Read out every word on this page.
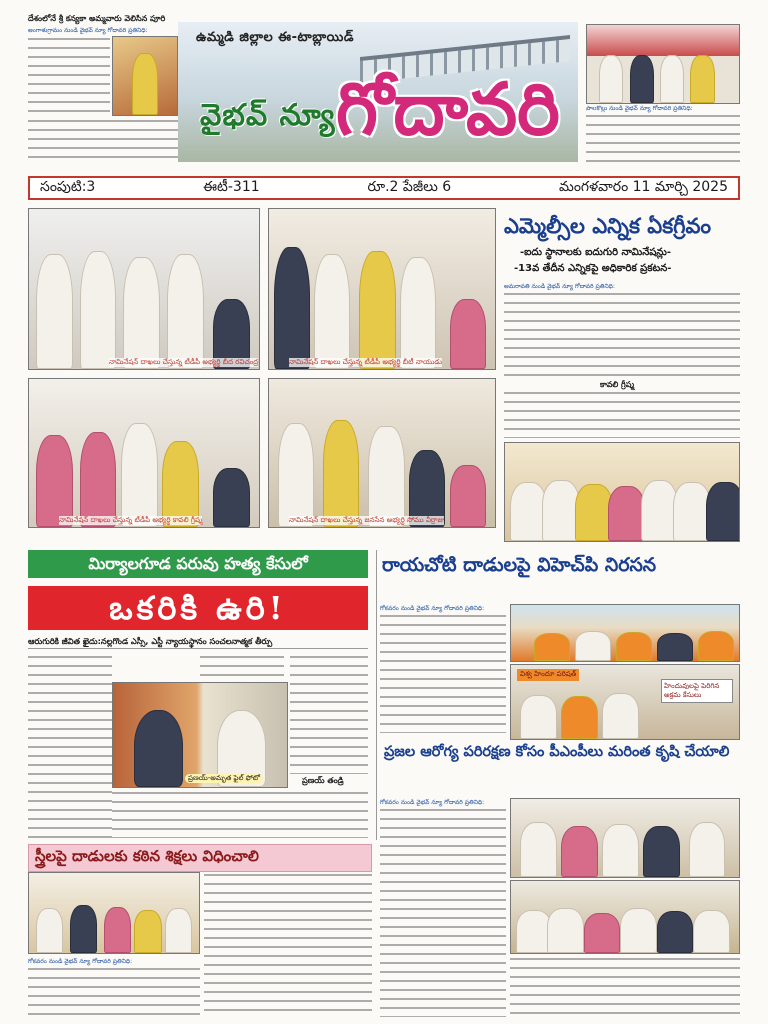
దేశంలోనే శ్రీ కన్యకా అమ్మవారు వెలిసిన పూరి
అంగాళుగ్రామం నుండి వైభవ్ న్యూ గోదావరి ప్రతినిధి:	ఉమ్మడి జిల్లాల ఈ-టాబ్లాయిడ్
వైభవ్ న్యూ గోదావరి	పాలకొల్లు నుండి వైభవ్ న్యూ గోదావరి ప్రతినిధి:
సంపుటి:3	ఈటీ-311	రూ.2 పేజీలు 6	మంగళవారం 11 మార్చి 2025
నామినేషన్ దాఖలు చేస్తున్న టీడీపీ అభ్యర్థి బీద రవిచంద్ర	నామినేషన్ దాఖలు చేస్తున్న టీడీపీ అభ్యర్థి బీటీ నాయుడు
నామినేషన్ దాఖలు చేస్తున్న టీడీపీ అభ్యర్థి కావలి గ్రీష్మ	నామినేషన్ దాఖలు చేస్తున్న జనసేన అభ్యర్థి సోము వీర్రాజు
ఎమ్మెల్సీల ఎన్నిక ఏకగ్రీవం
-ఐదు స్థానాలకు ఐదుగురి నామినేషన్లు-
-13వ తేదీన ఎన్నికపై అధికారిక ప్రకటన-
అమరావతి నుండి వైభవ్ న్యూ గోదావరి ప్రతినిధి:
కావలి గ్రీష్మ
మిర్యాలగూడ పరువు హత్య కేసులో
ఒకరికి ఉరి!
ఆరుగురికి జీవిత ఖైదు:నల్లగొండ ఎస్సీ, ఎస్టీ న్యాయస్థానం సంచలనాత్మక తీర్పు
ప్రణయ్-అమృత ఫైల్ ఫోటో	ప్రణయ్ తండ్రి
రాయచోటి దాడులపై విహెచ్‌పి నిరసన
గోకవరం నుండి వైభవ్ న్యూ గోదావరి ప్రతినిధి:
హిందువులపై పెరిగిన అక్రమ కేసులు
విశ్వ హిందూ పరిషత్
ప్రజల ఆరోగ్య పరిరక్షణ కోసం పీఎంపీలు మరింత కృషి చేయాలి
గోకవరం నుండి వైభవ్ న్యూ గోదావరి ప్రతినిధి:
స్త్రీలపై దాడులకు కఠిన శిక్షలు విధించాలి
గోకవరం నుండి వైభవ్ న్యూ గోదావరి ప్రతినిధి:
